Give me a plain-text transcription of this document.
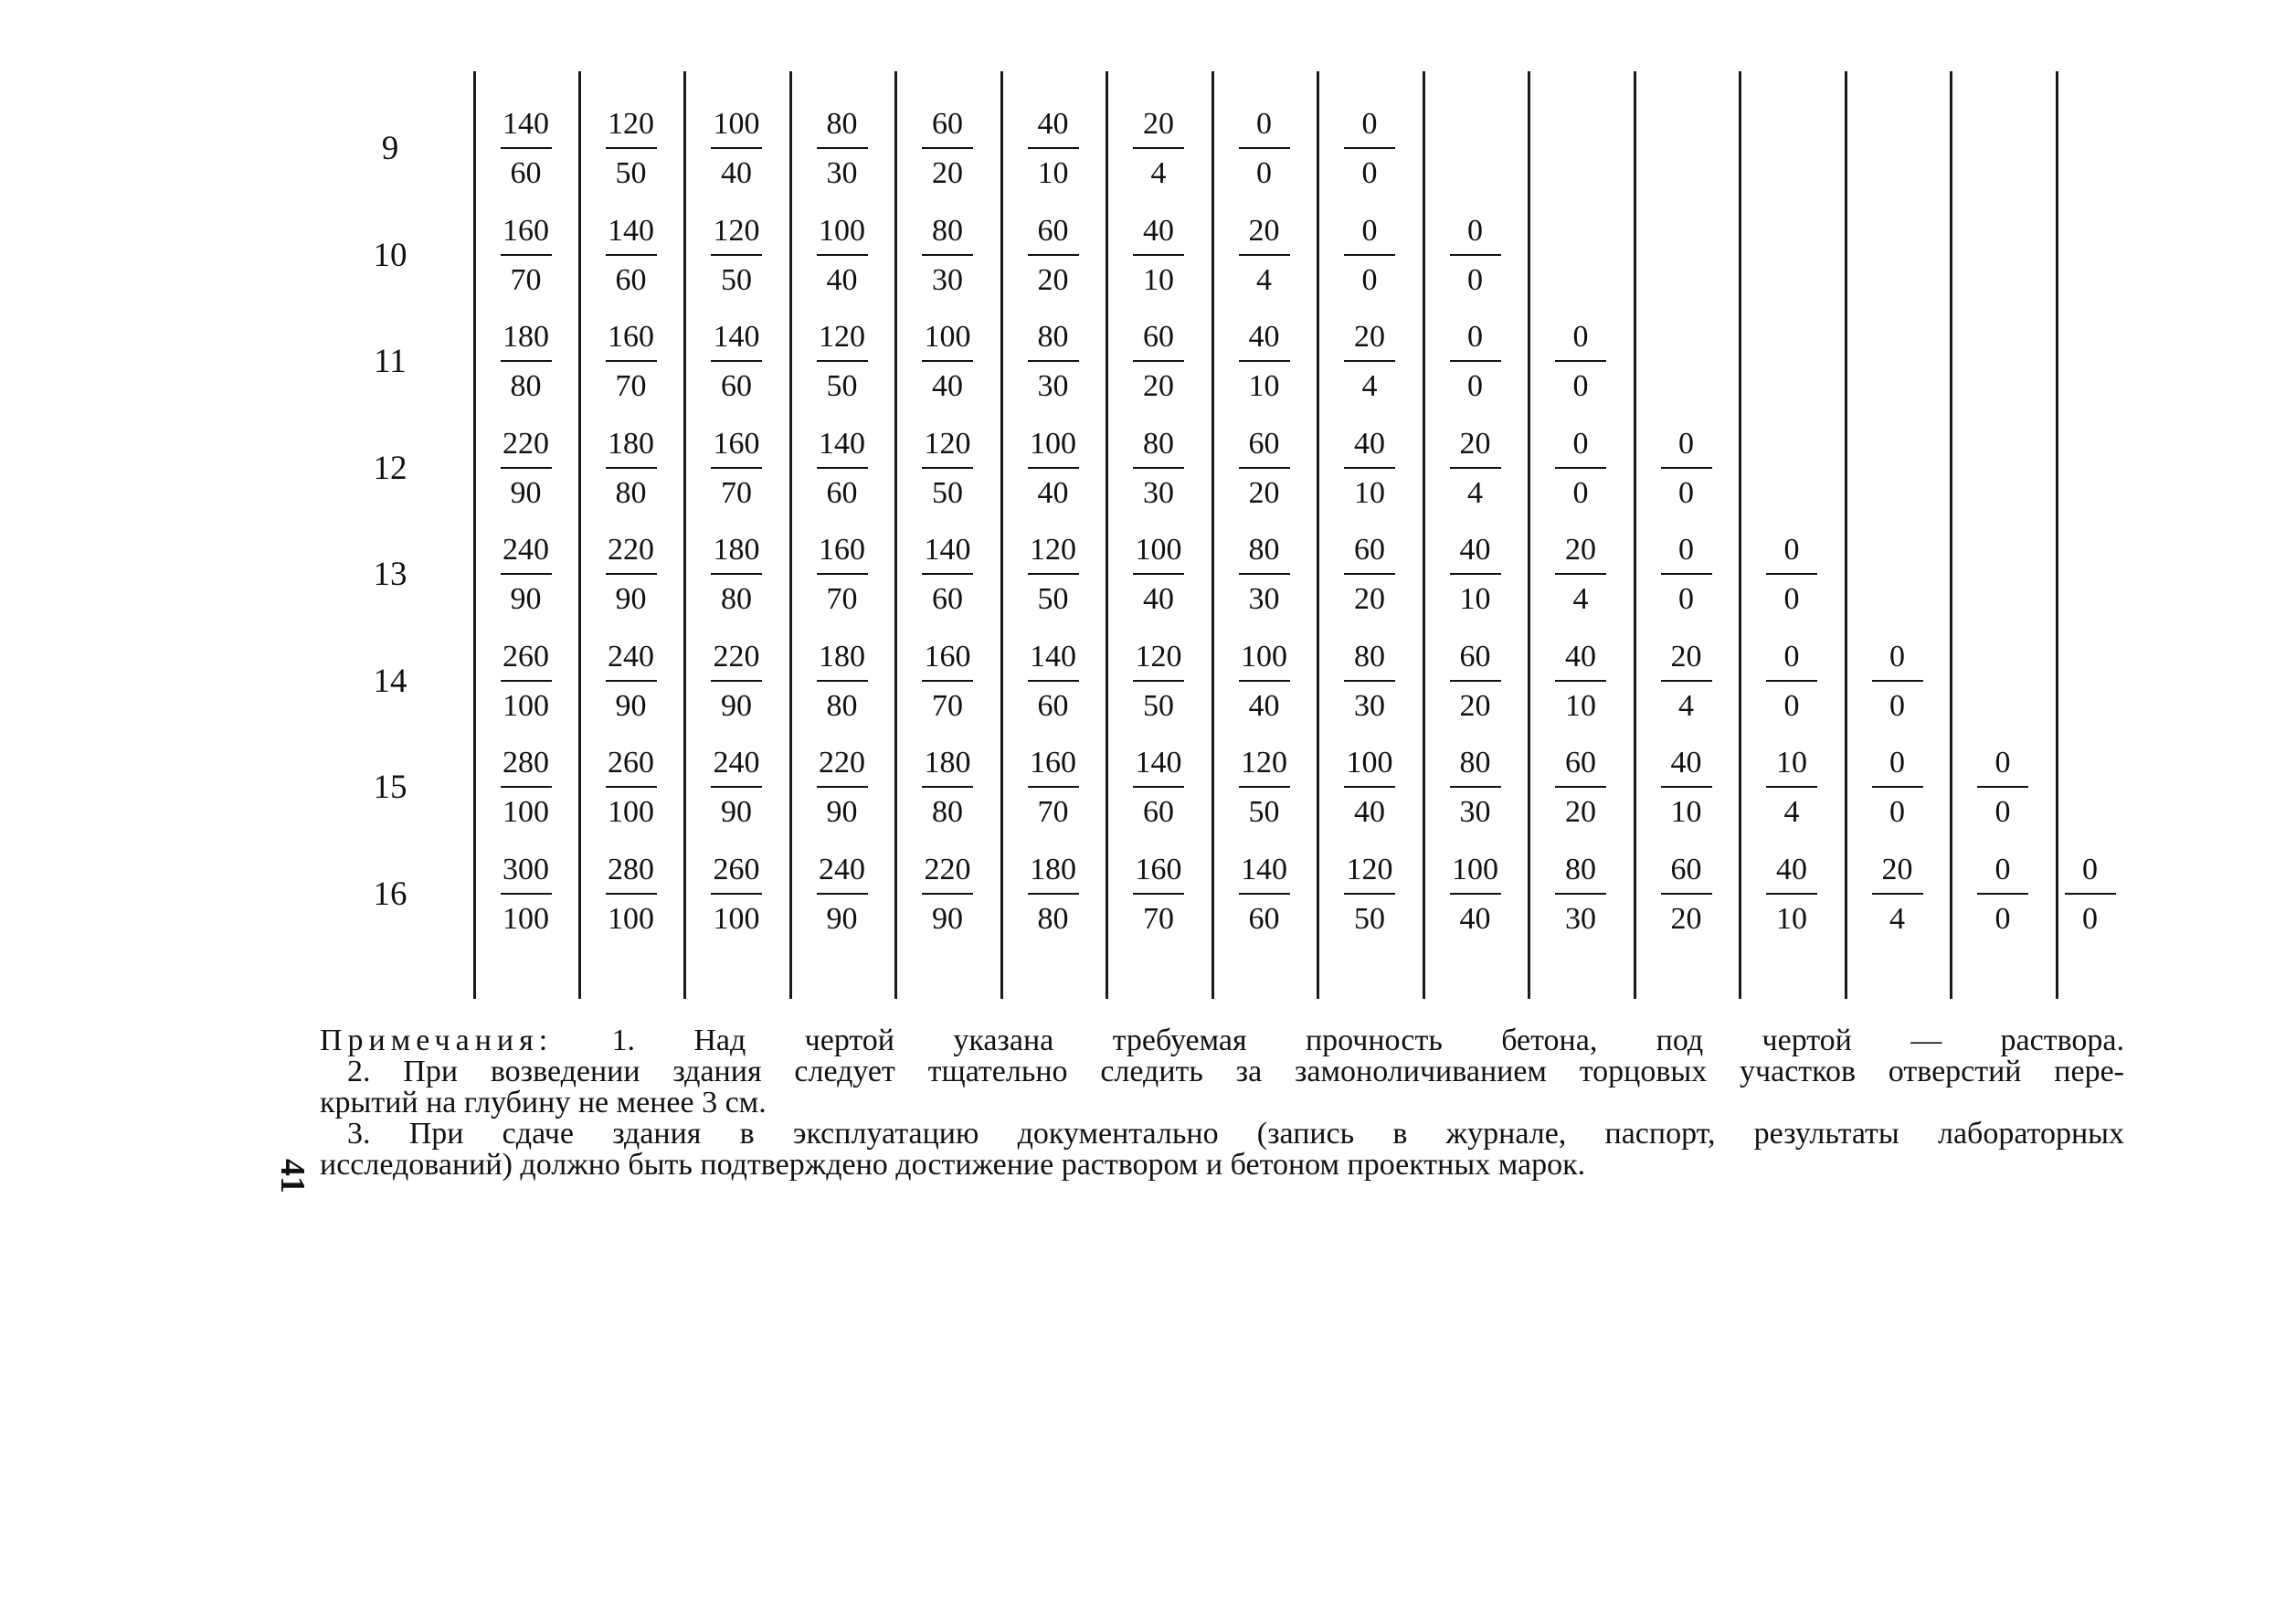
9
140
60
120
50
100
40
80
30
60
20
40
10
20
4
0
0
0
0
10
160
70
140
60
120
50
100
40
80
30
60
20
40
10
20
4
0
0
0
0
11
180
80
160
70
140
60
120
50
100
40
80
30
60
20
40
10
20
4
0
0
0
0
12
220
90
180
80
160
70
140
60
120
50
100
40
80
30
60
20
40
10
20
4
0
0
0
0
13
240
90
220
90
180
80
160
70
140
60
120
50
100
40
80
30
60
20
40
10
20
4
0
0
0
0
14
260
100
240
90
220
90
180
80
160
70
140
60
120
50
100
40
80
30
60
20
40
10
20
4
0
0
0
0
15
280
100
260
100
240
90
220
90
180
80
160
70
140
60
120
50
100
40
80
30
60
20
40
10
10
4
0
0
0
0
16
300
100
280
100
260
100
240
90
220
90
180
80
160
70
140
60
120
50
100
40
80
30
60
20
40
10
20
4
0
0
0
0
Примечания: 1. Над чертой указана требуемая прочность бетона, под чертой — раствора.
2. При возведении здания следует тщательно следить за замоноличиванием торцовых участков отверстий пере-
крытий на глубину не менее 3 см.
3. При сдаче здания в эксплуатацию документально (запись в журнале, паспорт, результаты лабораторных
исследований) должно быть подтверждено достижение раствором и бетоном проектных марок.
41
